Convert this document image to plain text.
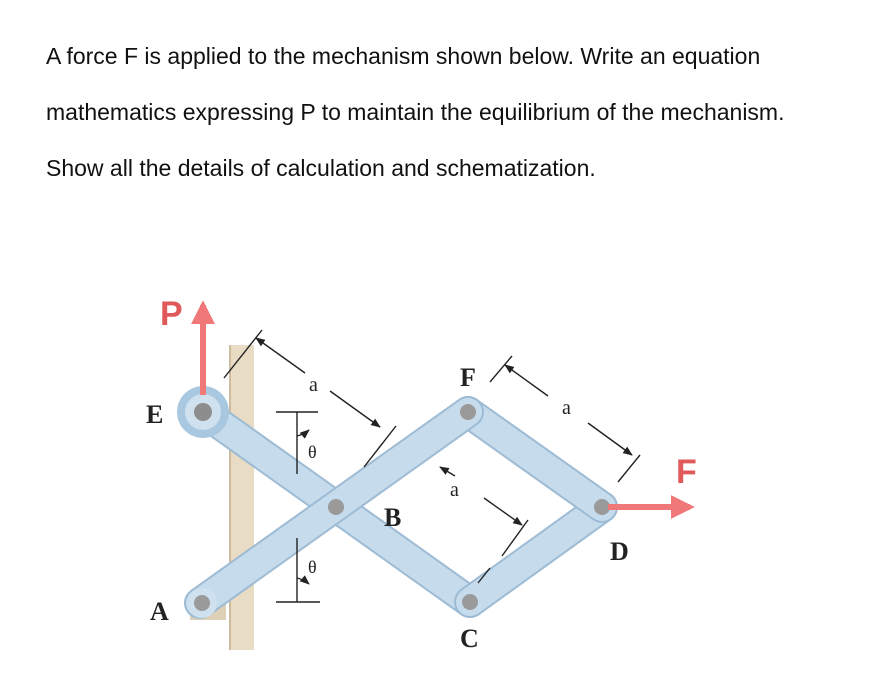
A force F is applied to the mechanism shown below. Write an equation

mathematics expressing P to maintain the equilibrium of the mechanism.

Show all the details of calculation and schematization.

P
F
E
A
B
C
D
F
a
a
a
θ
θ
